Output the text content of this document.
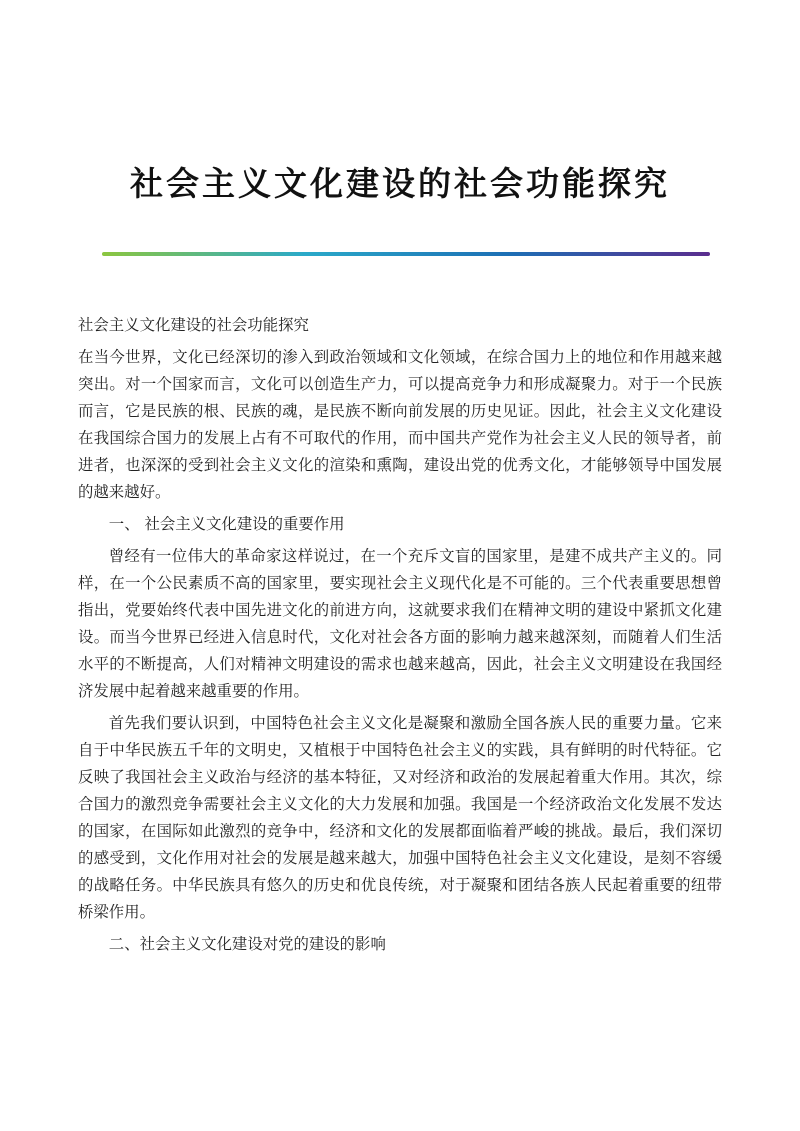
社会主义文化建设的社会功能探究

社会主义文化建设的社会功能探究

在当今世界，文化已经深切的渗入到政治领域和文化领域，在综合国力上的地位和作用越来越突出。对一个国家而言，文化可以创造生产力，可以提高竞争力和形成凝聚力。对于一个民族而言，它是民族的根、民族的魂，是民族不断向前发展的历史见证。因此，社会主义文化建设在我国综合国力的发展上占有不可取代的作用，而中国共产党作为社会主义人民的领导者，前进者，也深深的受到社会主义文化的渲染和熏陶，建设出党的优秀文化，才能够领导中国发展的越来越好。

一、 社会主义文化建设的重要作用

曾经有一位伟大的革命家这样说过，在一个充斥文盲的国家里，是建不成共产主义的。同样，在一个公民素质不高的国家里，要实现社会主义现代化是不可能的。三个代表重要思想曾指出，党要始终代表中国先进文化的前进方向，这就要求我们在精神文明的建设中紧抓文化建设。而当今世界已经进入信息时代，文化对社会各方面的影响力越来越深刻，而随着人们生活水平的不断提高，人们对精神文明建设的需求也越来越高，因此，社会主义文明建设在我国经济发展中起着越来越重要的作用。

首先我们要认识到，中国特色社会主义文化是凝聚和激励全国各族人民的重要力量。它来自于中华民族五千年的文明史，又植根于中国特色社会主义的实践，具有鲜明的时代特征。它反映了我国社会主义政治与经济的基本特征，又对经济和政治的发展起着重大作用。其次，综合国力的激烈竞争需要社会主义文化的大力发展和加强。我国是一个经济政治文化发展不发达的国家，在国际如此激烈的竞争中，经济和文化的发展都面临着严峻的挑战。最后，我们深切的感受到，文化作用对社会的发展是越来越大，加强中国特色社会主义文化建设，是刻不容缓的战略任务。中华民族具有悠久的历史和优良传统，对于凝聚和团结各族人民起着重要的纽带桥梁作用。

二、社会主义文化建设对党的建设的影响
